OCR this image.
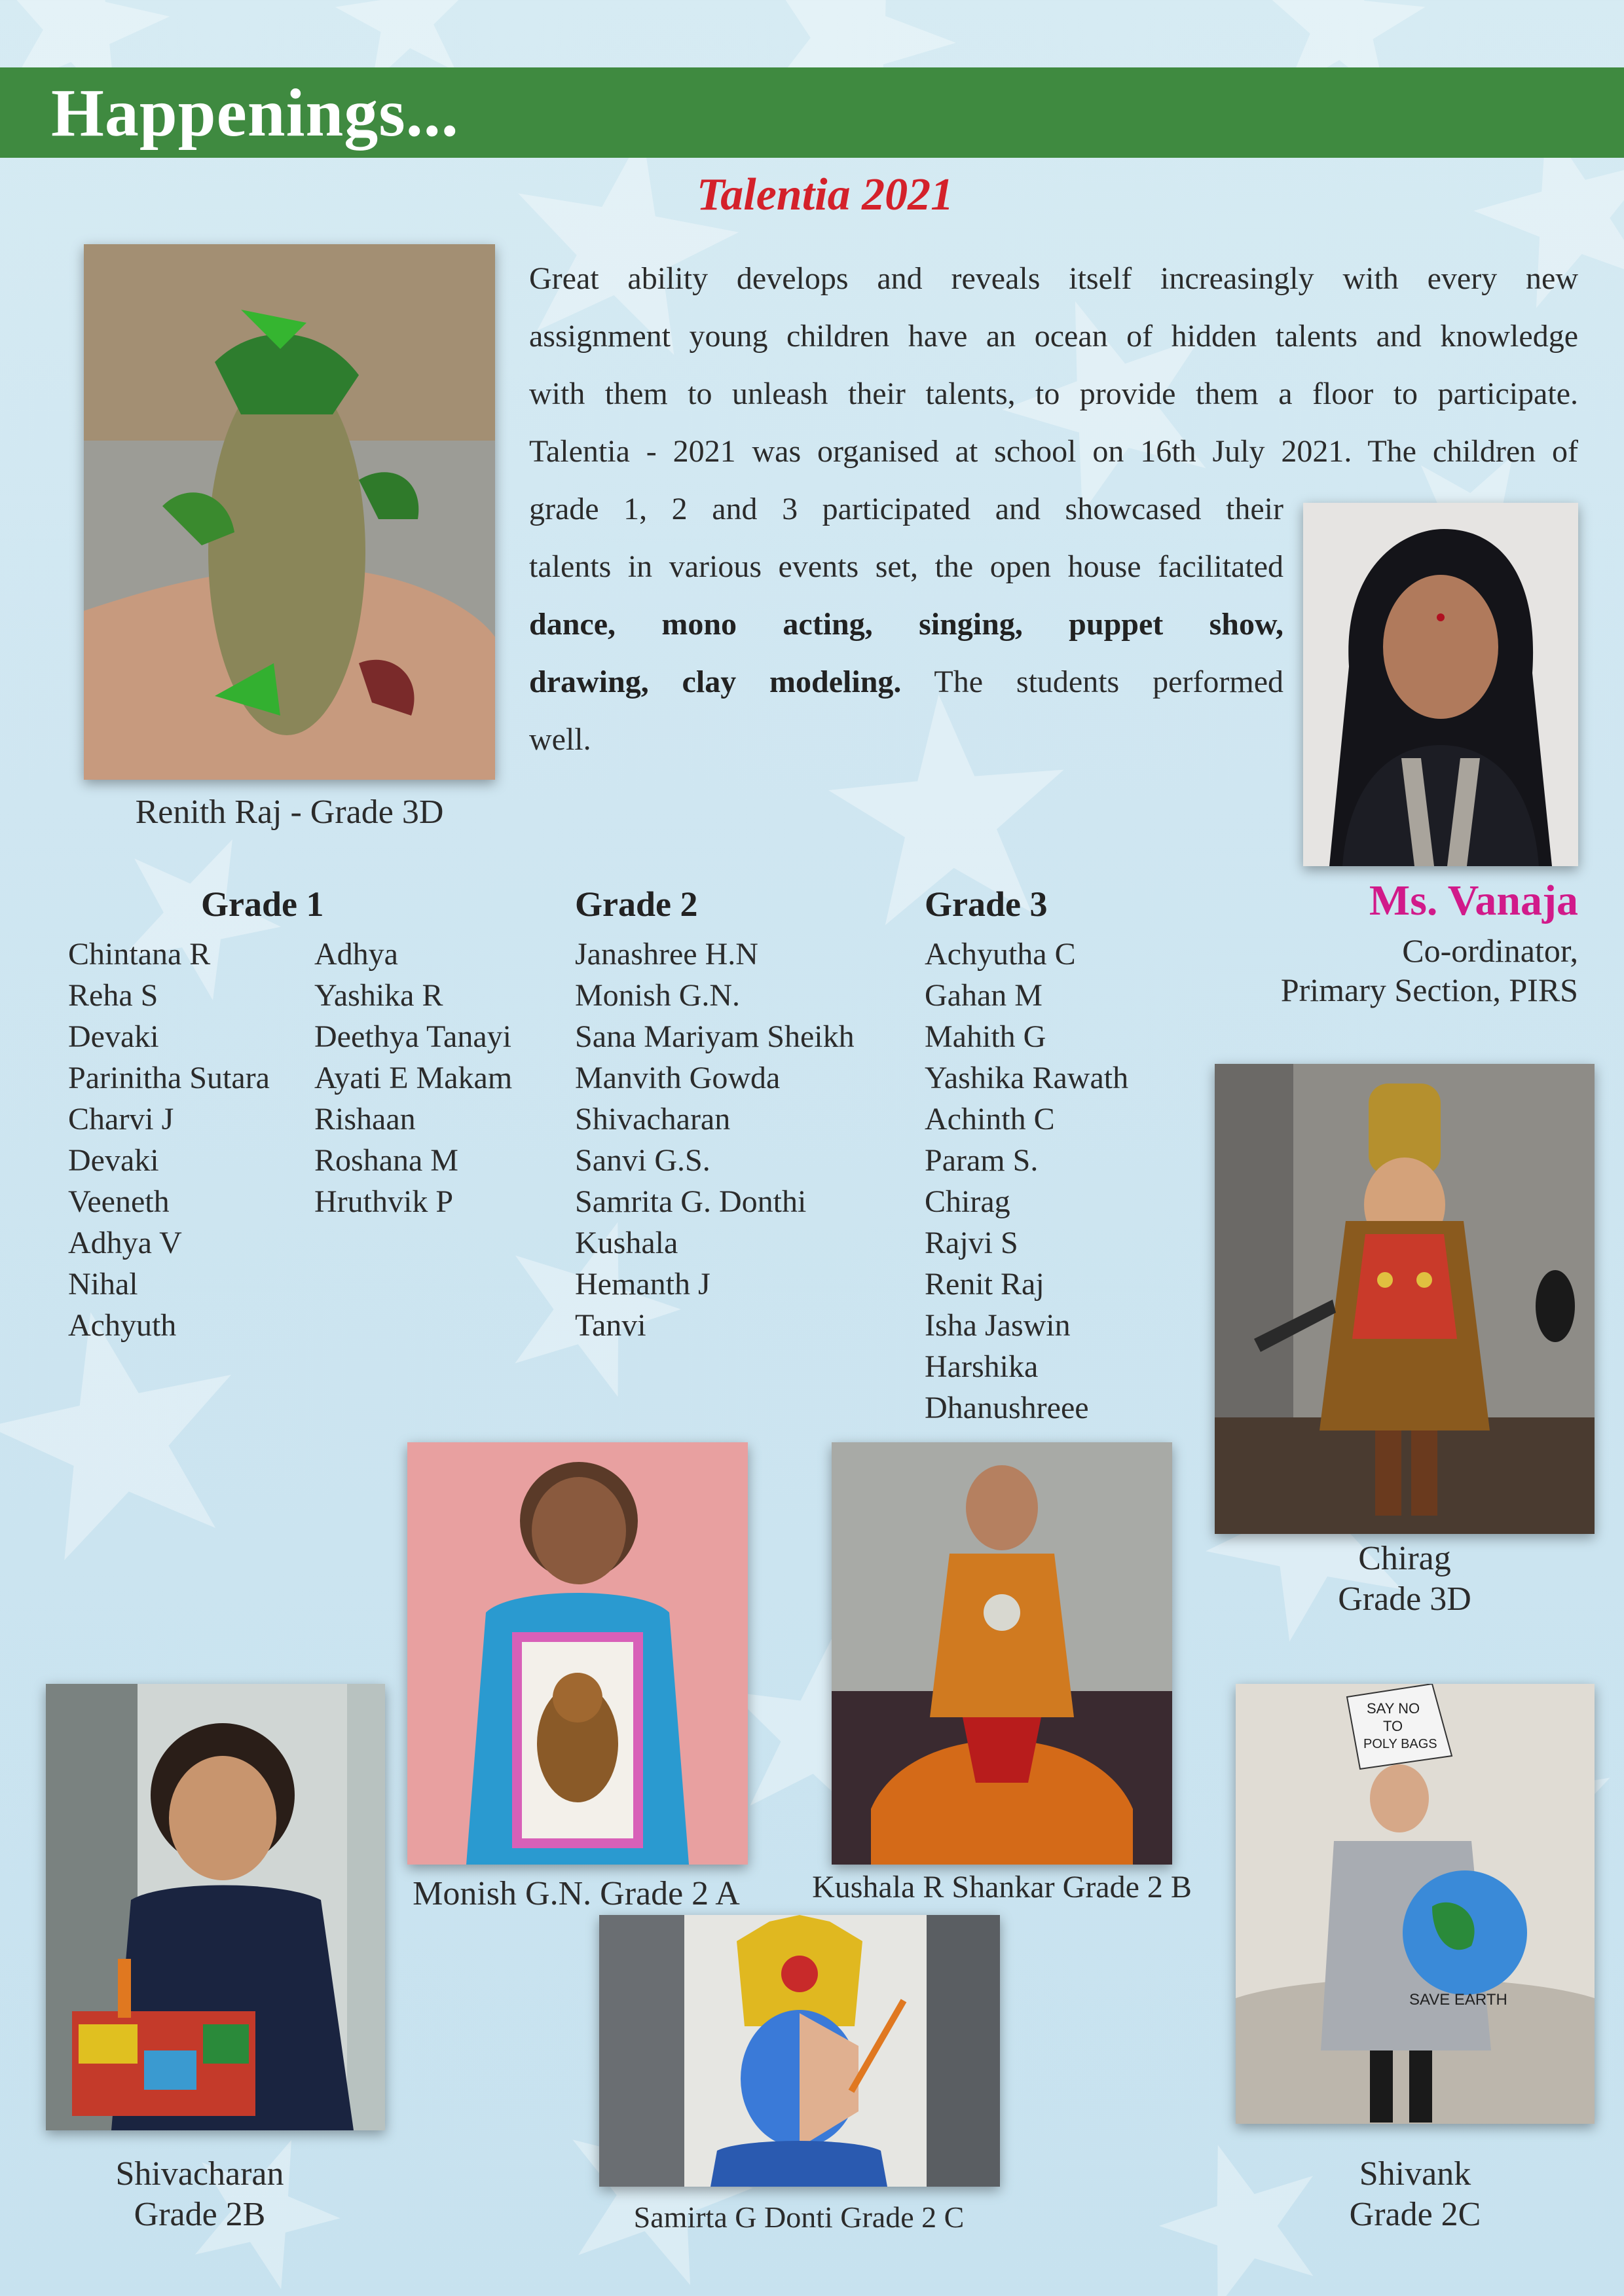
Happenings...
Talentia 2021
Renith Raj - Grade 3D
Great ability develops and reveals itself increasingly with every new
assignment young children have an ocean of hidden talents and knowledge
with them to unleash their talents, to provide them a floor to participate.
Talentia - 2021 was organised at school on 16th July 2021. The children of
grade 1, 2 and 3 participated and showcased their
talents in various events set, the open house facilitated
dance, mono acting, singing, puppet show,
drawing, clay modeling. The students performed
well.
Ms. Vanaja
Co-ordinator,
Primary Section, PIRS
Grade 1
Chintana R
Reha S
Devaki
Parinitha Sutara
Charvi J
Devaki
Veeneth
Adhya V
Nihal
Achyuth
Adhya
Yashika R
Deethya Tanayi
Ayati E Makam
Rishaan
Roshana M
Hruthvik P
Grade 2
Janashree H.N
Monish G.N.
Sana Mariyam Sheikh
Manvith Gowda
Shivacharan
Sanvi G.S.
Samrita G. Donthi
Kushala
Hemanth J
Tanvi
Grade 3
Achyutha C
Gahan M
Mahith G
Yashika Rawath
Achinth C
Param S.
Chirag
Rajvi S
Renit Raj
Isha Jaswin
Harshika
Dhanushreee
Chirag
Grade 3D
Monish G.N. Grade 2 A	Kushala R Shankar Grade 2 B
Shivacharan
Grade 2B	Samirta G Donti Grade 2 C
SAY NO
TO
POLY BAGS
SAVE EARTH
Shivank
Grade 2C
